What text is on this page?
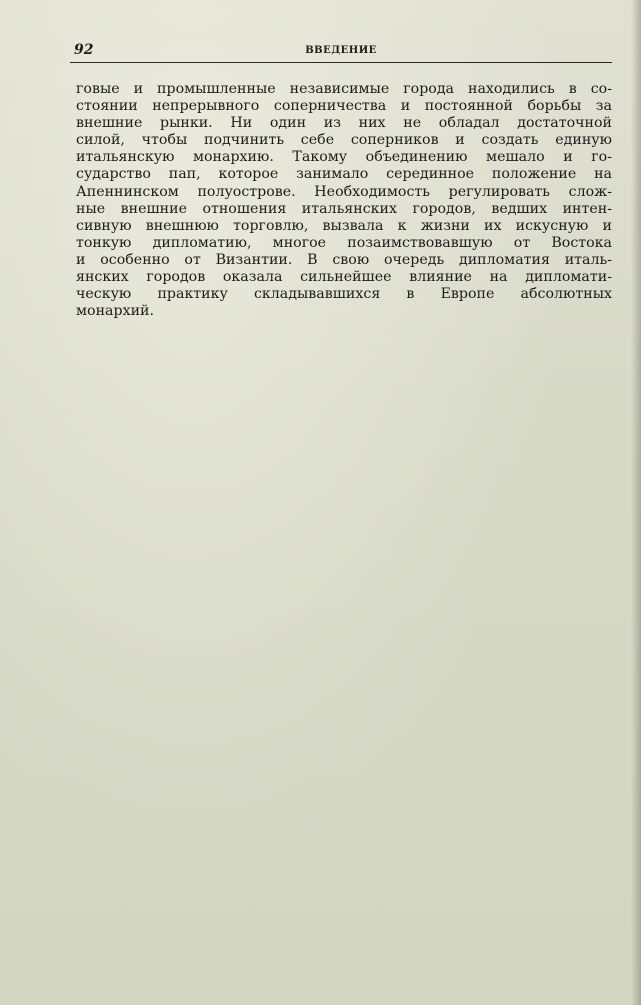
92	ВВЕДЕНИЕ
говые и промышленные независимые города находились в со-
стоянии непрерывного соперничества и постоянной борьбы за
внешние рынки. Ни один из них не обладал достаточной
силой, чтобы подчинить себе соперников и создать единую
итальянскую монархию. Такому объединению мешало и го-
сударство пап, которое занимало серединное положение на
Апеннинском полуострове. Необходимость регулировать слож-
ные внешние отношения итальянских городов, ведших интен-
сивную внешнюю торговлю, вызвала к жизни их искусную и
тонкую дипломатию, многое позаимствовавшую от Востока
и особенно от Византии. В свою очередь дипломатия италь-
янских городов оказала сильнейшее влияние на дипломати-
ческую практику складывавшихся в Европе абсолютных
монархий.
